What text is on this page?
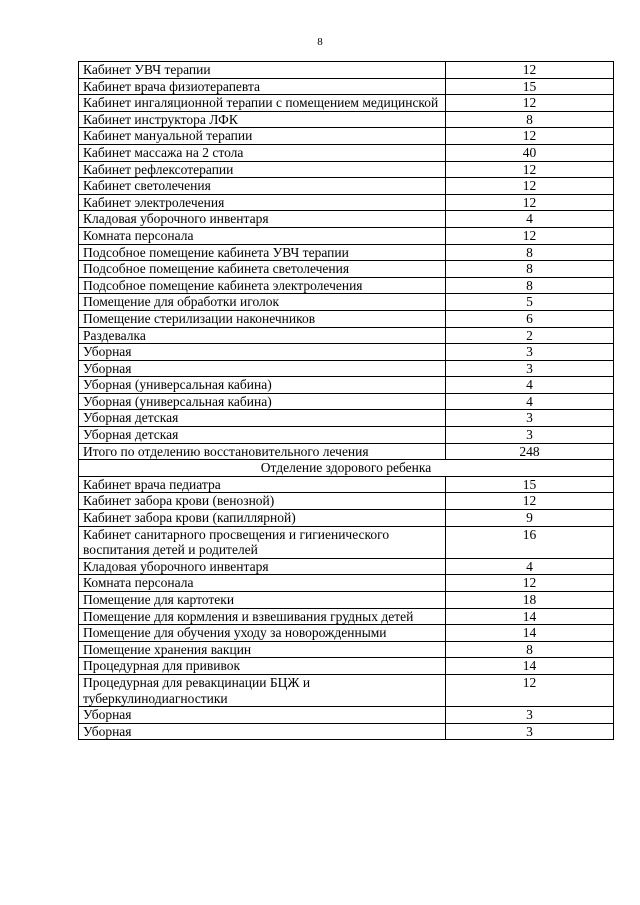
8
Кабинет УВЧ терапии	12
Кабинет врача физиотерапевта	15
Кабинет ингаляционной терапии с помещением медицинской	12
Кабинет инструктора ЛФК	8
Кабинет мануальной терапии	12
Кабинет массажа на 2 стола	40
Кабинет рефлексотерапии	12
Кабинет светолечения	12
Кабинет электролечения	12
Кладовая уборочного инвентаря	4
Комната персонала	12
Подсобное помещение кабинета УВЧ терапии	8
Подсобное помещение кабинета светолечения	8
Подсобное помещение кабинета электролечения	8
Помещение для обработки иголок	5
Помещение стерилизации наконечников	6
Раздевалка	2
Уборная	3
Уборная	3
Уборная (универсальная кабина)	4
Уборная (универсальная кабина)	4
Уборная детская	3
Уборная детская	3
Итого по отделению восстановительного лечения	248
Отделение здорового ребенка	
Кабинет врача педиатра	15
Кабинет забора крови (венозной)	12
Кабинет забора крови (капиллярной)	9
Кабинет санитарного просвещения и гигиенического воспитания детей и родителей	16
Кладовая уборочного инвентаря	4
Комната персонала	12
Помещение для картотеки	18
Помещение для кормления и взвешивания грудных детей	14
Помещение для обучения уходу за новорожденными	14
Помещение хранения вакцин	8
Процедурная для прививок	14
Процедурная для ревакцинации БЦЖ и туберкулинодиагностики	12
Уборная	3
Уборная	3
